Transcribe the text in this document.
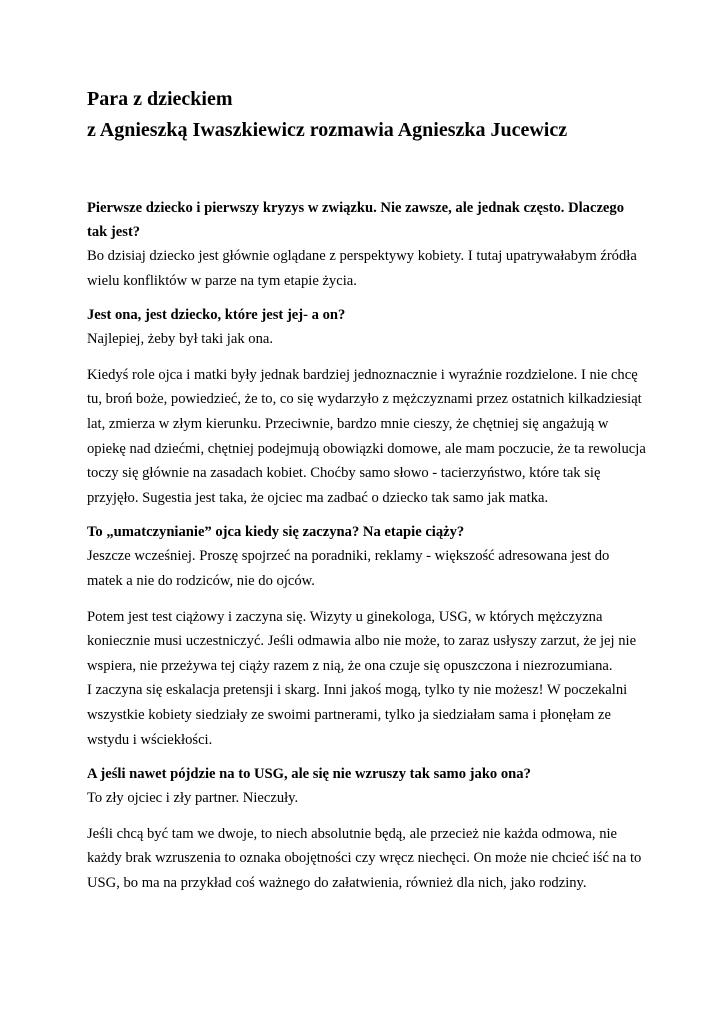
Para z dzieckiem
z Agnieszką Iwaszkiewicz rozmawia Agnieszka Jucewicz

Pierwsze dziecko i pierwszy kryzys w związku. Nie zawsze, ale jednak często. Dlaczego tak jest?

Bo dzisiaj dziecko jest głównie oglądane z perspektywy kobiety. I tutaj upatrywałabym źródła wielu konfliktów w parze na tym etapie życia.

Jest ona, jest dziecko, które jest jej- a on?

Najlepiej, żeby był taki jak ona.

Kiedyś role ojca i matki były jednak bardziej jednoznacznie i wyraźnie rozdzielone. I nie chcę tu, broń boże, powiedzieć, że to, co się wydarzyło z mężczyznami przez ostatnich kilkadziesiąt lat, zmierza w złym kierunku. Przeciwnie, bardzo mnie cieszy, że chętniej się angażują w opiekę nad dziećmi, chętniej podejmują obowiązki domowe, ale mam poczucie, że ta rewolucja toczy się głównie na zasadach kobiet. Choćby samo słowo - tacierzyństwo, które tak się przyjęło. Sugestia jest taka, że ojciec ma zadbać o dziecko tak samo jak matka.

To „umatczynianie” ojca kiedy się zaczyna? Na etapie ciąży?

Jeszcze wcześniej. Proszę spojrzeć na poradniki, reklamy - większość adresowana jest do matek a nie do rodziców, nie do ojców.

Potem jest test ciążowy i zaczyna się. Wizyty u ginekologa, USG, w których mężczyzna koniecznie musi uczestniczyć. Jeśli odmawia albo nie może, to zaraz usłyszy zarzut, że jej nie wspiera, nie przeżywa tej ciąży razem z nią, że ona czuje się opuszczona i niezrozumiana.

I zaczyna się eskalacja pretensji i skarg. Inni jakoś mogą, tylko ty nie możesz! W poczekalni wszystkie kobiety siedziały ze swoimi partnerami, tylko ja siedziałam sama i płonęłam ze wstydu i wściekłości.

A jeśli nawet pójdzie na to USG, ale się nie wzruszy tak samo jako ona?

To zły ojciec i zły partner. Nieczuły.

Jeśli chcą być tam we dwoje, to niech absolutnie będą, ale przecież nie każda odmowa, nie każdy brak wzruszenia to oznaka obojętności czy wręcz niechęci. On może nie chcieć iść na to USG, bo ma na przykład coś ważnego do załatwienia, również dla nich, jako rodziny.
